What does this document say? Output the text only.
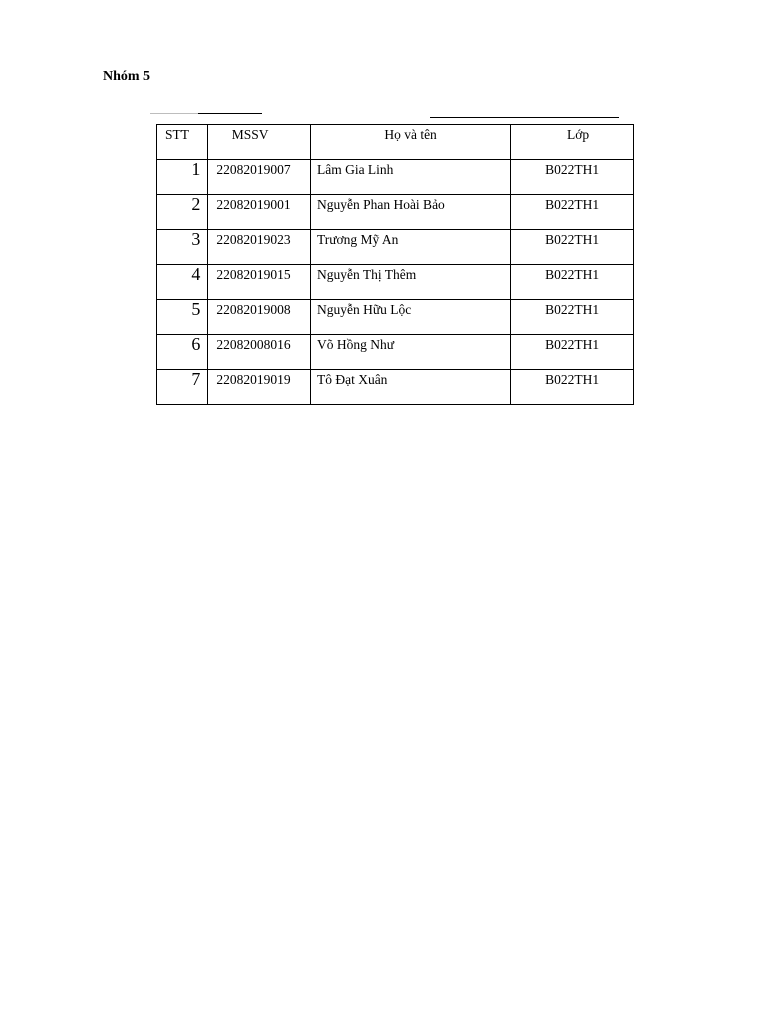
Nhóm 5
STT	MSSV	Họ và tên	Lớp
1	22082019007	Lâm Gia Linh	B022TH1
2	22082019001	Nguyễn Phan Hoài Bảo	B022TH1
3	22082019023	Trương Mỹ An	B022TH1
4	22082019015	Nguyễn Thị Thêm	B022TH1
5	22082019008	Nguyễn Hữu Lộc	B022TH1
6	22082008016	Võ Hồng Như	B022TH1
7	22082019019	Tô Đạt Xuân	B022TH1
